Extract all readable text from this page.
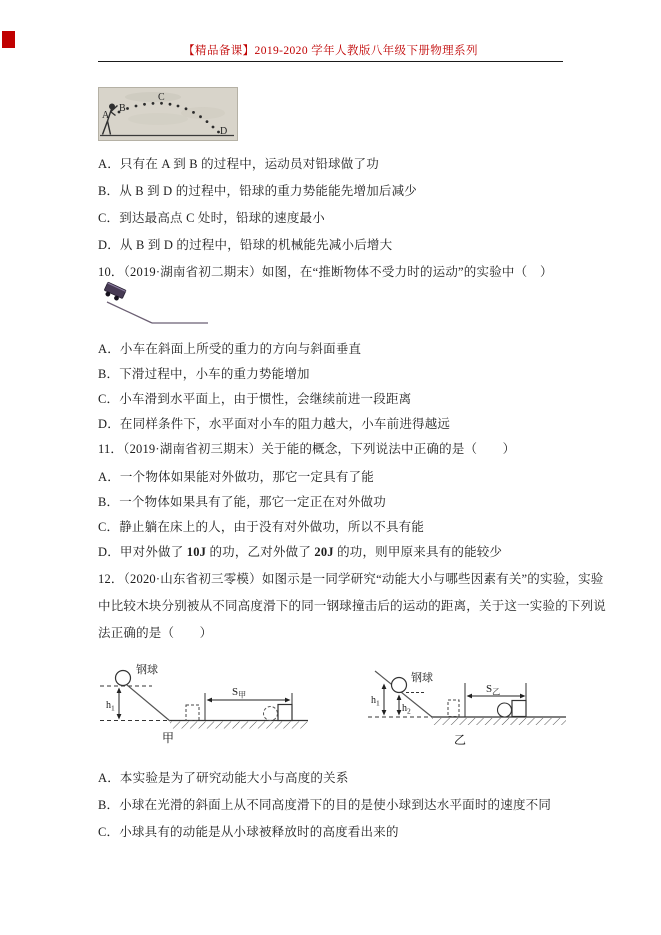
【精品备课】2019-2020 学年人教版八年级下册物理系列
A
B
C
D
A．只有在 A 到 B 的过程中，运动员对铅球做了功
B．从 B 到 D 的过程中，铅球的重力势能能先增加后减少
C．到达最高点 C 处时，铅球的速度最小
D．从 B 到 D 的过程中，铅球的机械能先减小后增大
10．（2019·湖南省初二期末）如图，在“推断物体不受力时的运动”的实验中（　）
A．小车在斜面上所受的重力的方向与斜面垂直
B．下滑过程中，小车的重力势能增加
C．小车滑到水平面上，由于惯性，会继续前进一段距离
D．在同样条件下，水平面对小车的阻力越大，小车前进得越远
11．（2019·湖南省初三期末）关于能的概念，下列说法中正确的是（　　）
A．一个物体如果能对外做功，那它一定具有了能
B．一个物体如果具有了能，那它一定正在对外做功
C．静止躺在床上的人，由于没有对外做功，所以不具有能
D．甲对外做了 10J 的功，乙对外做了 20J 的功，则甲原来具有的能较少
12．（2020·山东省初三零模）如图示是一同学研究“动能大小与哪些因素有关”的实验，实验
中比较木块分别被从不同高度滑下的同一钢球撞击后的运动的距离，关于这一实验的下列说
法正确的是（　　）
钢球
$h_1$
$S_甲$
甲
钢球
$h_1$ $h_2$
$S_乙$
乙
A．本实验是为了研究动能大小与高度的关系
B．小球在光滑的斜面上从不同高度滑下的目的是使小球到达水平面时的速度不同
C．小球具有的动能是从小球被释放时的高度看出来的
